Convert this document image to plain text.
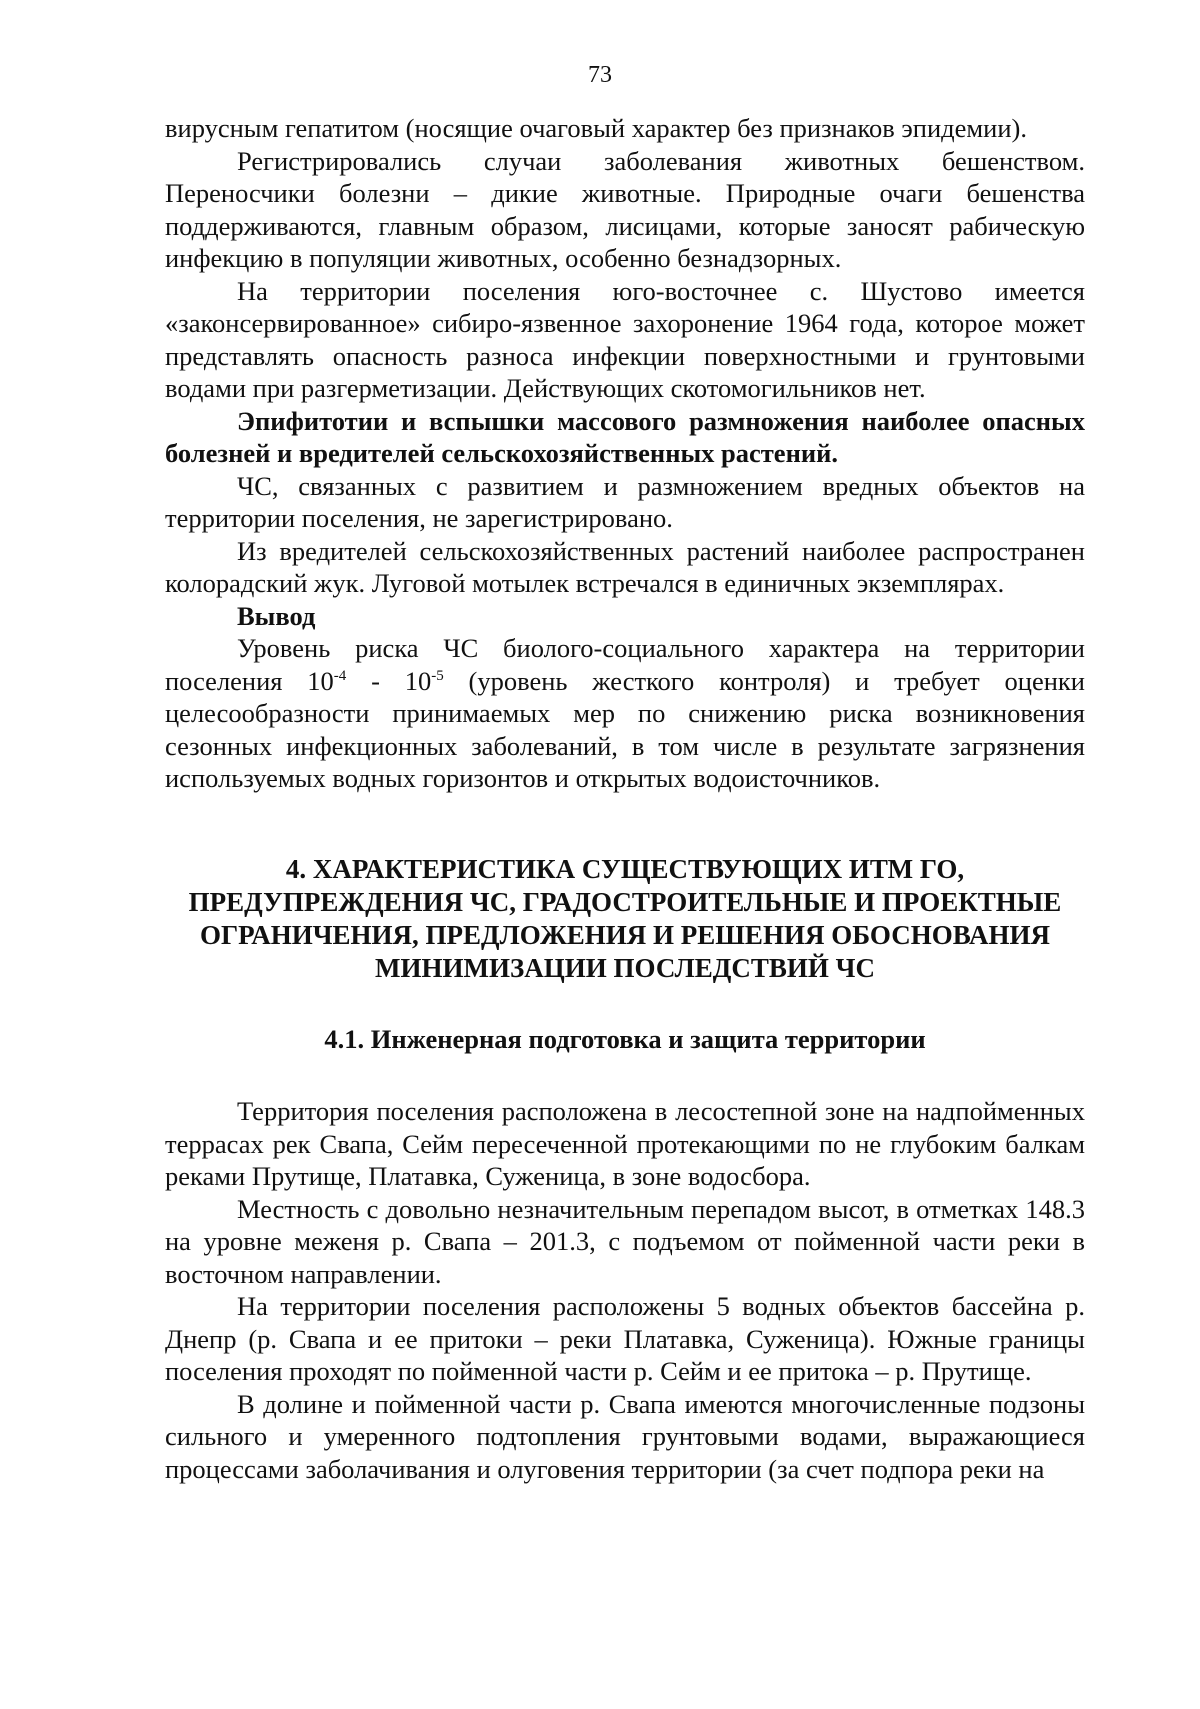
73

вирусным гепатитом (носящие очаговый характер без признаков эпидемии).

Регистрировались случаи заболевания животных бешенством. Переносчики болезни – дикие животные. Природные очаги бешенства поддерживаются, главным образом, лисицами, которые заносят рабическую инфекцию в популяции животных, особенно безнадзорных.

На территории поселения юго-восточнее с. Шустово имеется «законсервированное» сибиро-язвенное захоронение 1964 года, которое может представлять опасность разноса инфекции поверхностными и грунтовыми водами при разгерметизации. Действующих скотомогильников нет.

Эпифитотии и вспышки массового размножения наиболее опасных болезней и вредителей сельскохозяйственных растений.

ЧС, связанных с развитием и размножением вредных объектов на территории поселения, не зарегистрировано.

Из вредителей сельскохозяйственных растений наиболее распространен колорадский жук. Луговой мотылек встречался в единичных экземплярах.

Вывод

Уровень риска ЧС биолого-социального характера на территории поселения $10^{-4} - 10^{-5}$ (уровень жесткого контроля) и требует оценки целесообразности принимаемых мер по снижению риска возникновения сезонных инфекционных заболеваний, в том числе в результате загрязнения используемых водных горизонтов и открытых водоисточников.

4. ХАРАКТЕРИСТИКА СУЩЕСТВУЮЩИХ ИТМ ГО, ПРЕДУПРЕЖДЕНИЯ ЧС, ГРАДОСТРОИТЕЛЬНЫЕ И ПРОЕКТНЫЕ ОГРАНИЧЕНИЯ, ПРЕДЛОЖЕНИЯ И РЕШЕНИЯ ОБОСНОВАНИЯ МИНИМИЗАЦИИ ПОСЛЕДСТВИЙ ЧС
4.1. Инженерная подготовка и защита территории

Территория поселения расположена в лесостепной зоне на надпойменных террасах рек Свапа, Сейм пересеченной протекающими по не глубоким балкам реками Прутище, Платавка, Суженица, в зоне водосбора.

Местность с довольно незначительным перепадом высот, в отметках 148.3 на уровне меженя р. Свапа – 201.3, с подъемом от пойменной части реки в восточном направлении.

На территории поселения расположены 5 водных объектов бассейна р. Днепр (р. Свапа и ее притоки – реки Платавка, Суженица). Южные границы поселения проходят по пойменной части р. Сейм и ее притока – р. Прутище.

В долине и пойменной части р. Свапа имеются многочисленные подзоны сильного и умеренного подтопления грунтовыми водами, выражающиеся процессами заболачивания и олуговения территории (за счет подпора реки на
